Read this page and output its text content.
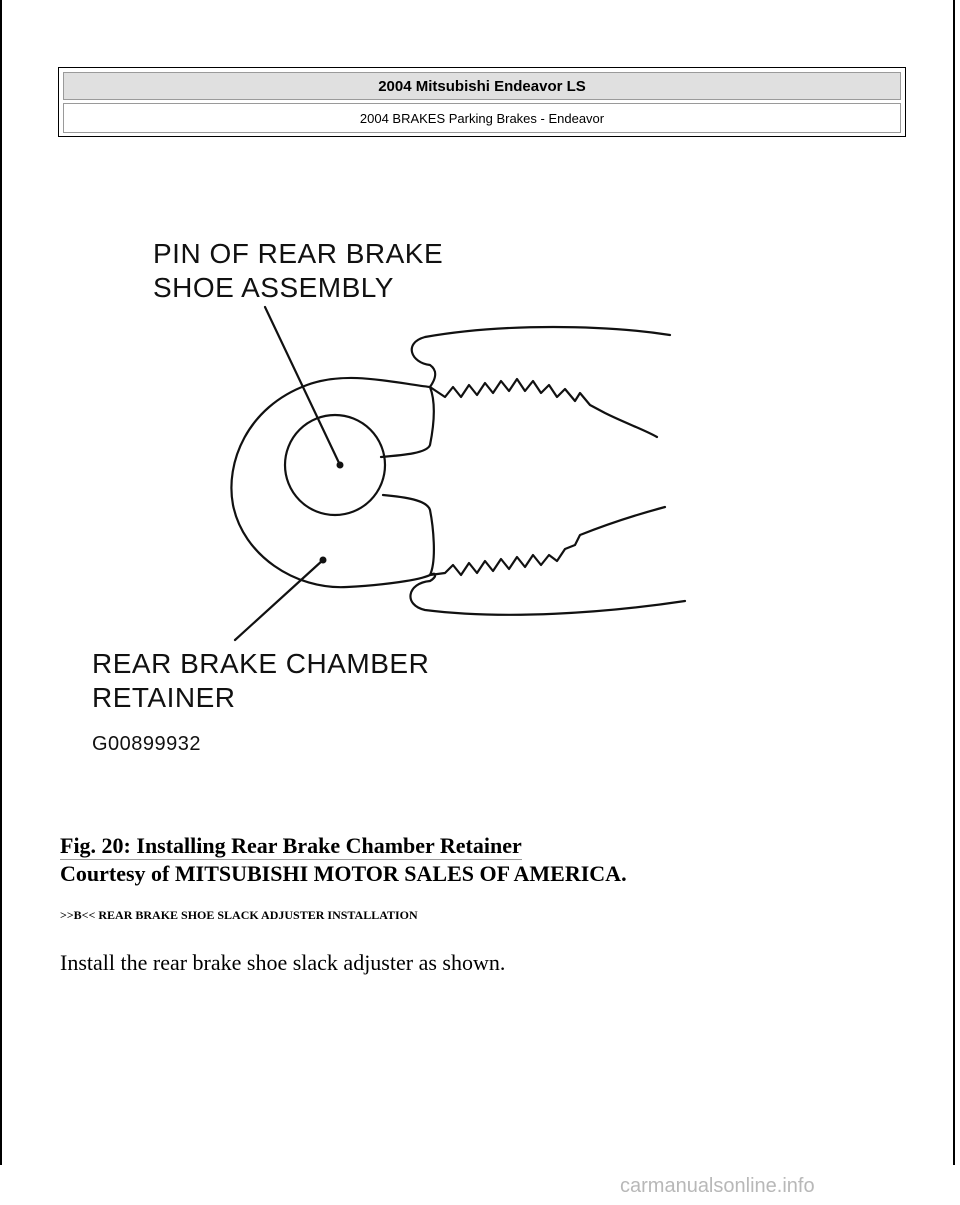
2004 Mitsubishi Endeavor LS
2004 BRAKES Parking Brakes - Endeavor
PIN OF REAR BRAKE
SHOE ASSEMBLY
REAR BRAKE CHAMBER
RETAINER
G00899932
Fig. 20: Installing Rear Brake Chamber Retainer
Courtesy of MITSUBISHI MOTOR SALES OF AMERICA.
>>B<< REAR BRAKE SHOE SLACK ADJUSTER INSTALLATION
Install the rear brake shoe slack adjuster as shown.
carmanualsonline.info
